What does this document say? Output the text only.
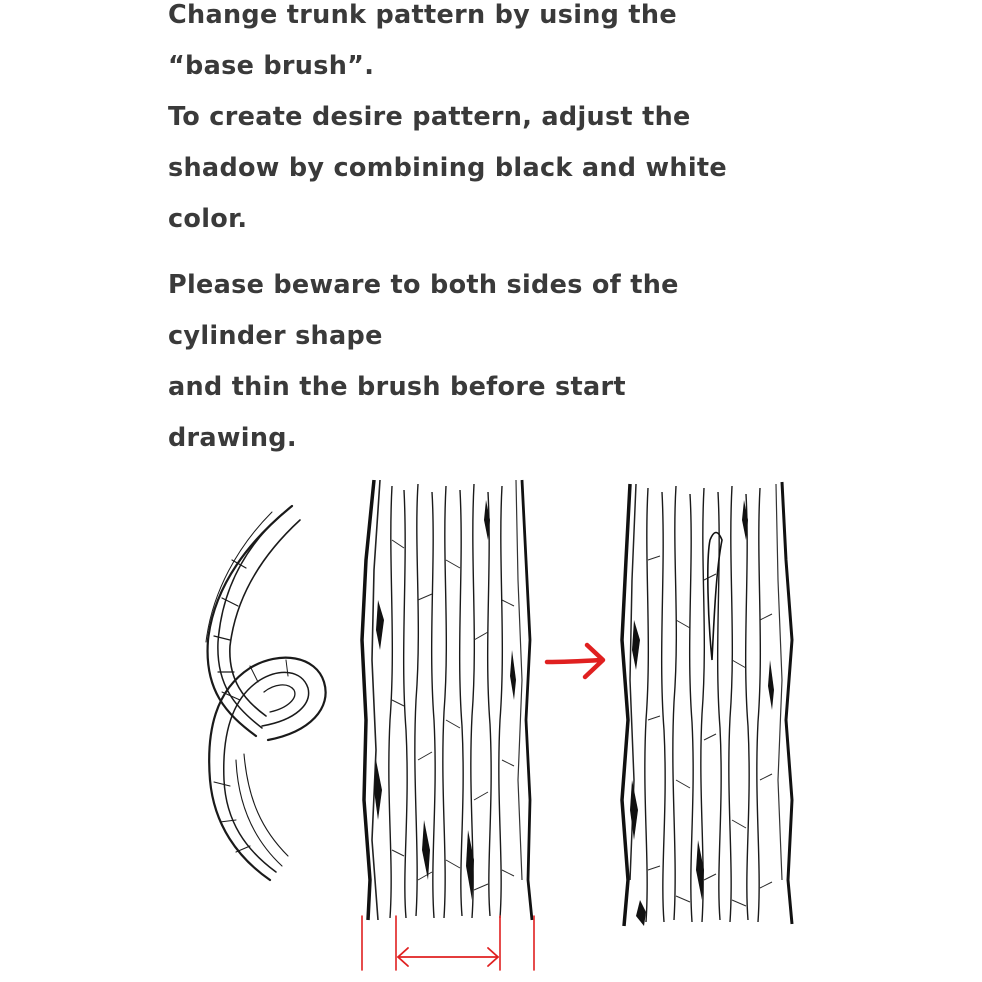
Change trunk pattern by using the
“base brush”.
To create desire pattern, adjust the
shadow by combining black and white
color.

Please beware to both sides of the
cylinder shape
and thin the brush before start
drawing.
